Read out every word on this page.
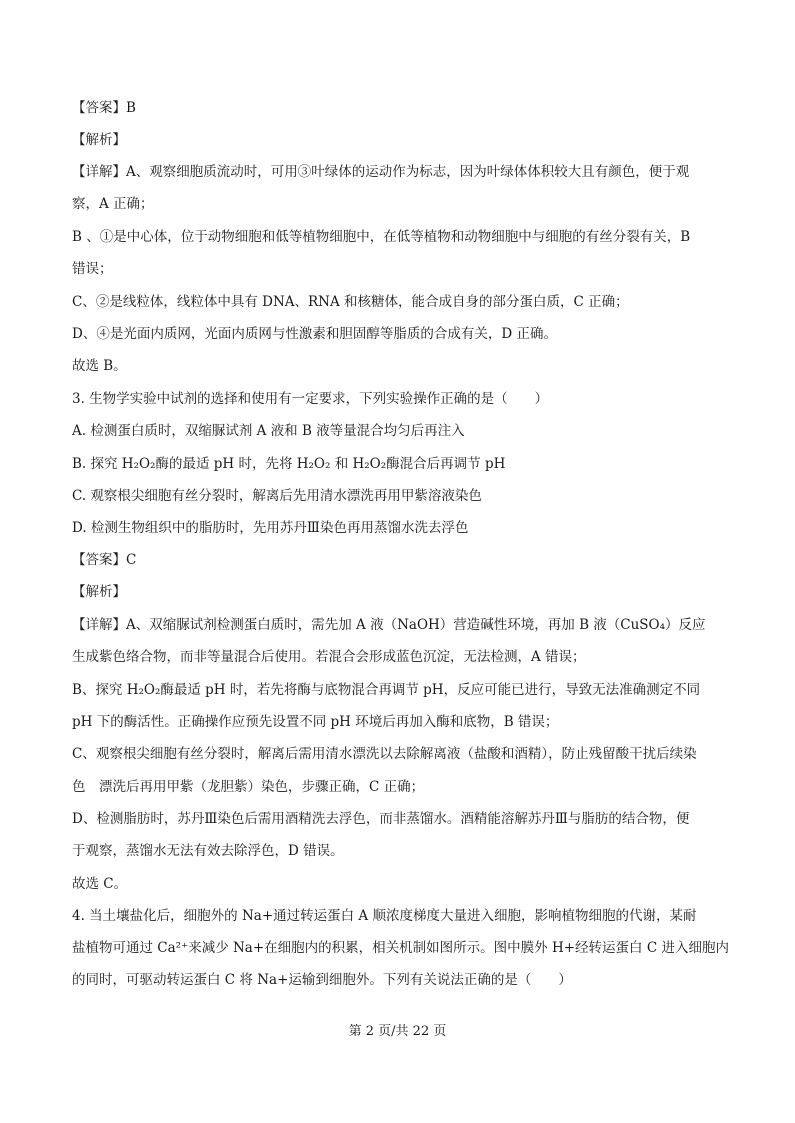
【答案】B
【解析】
【详解】A、观察细胞质流动时，可用③叶绿体的运动作为标志，因为叶绿体体积较大且有颜色，便于观
察，A 正确；
B 、①是中心体，位于动物细胞和低等植物细胞中，在低等植物和动物细胞中与细胞的有丝分裂有关，B
错误；
C、②是线粒体，线粒体中具有 DNA、RNA 和核糖体，能合成自身的部分蛋白质，C 正确；
D、④是光面内质网，光面内质网与性激素和胆固醇等脂质的合成有关，D 正确。
故选 B。
3. 生物学实验中试剂的选择和使用有一定要求，下列实验操作正确的是（　　）
A. 检测蛋白质时，双缩脲试剂 A 液和 B 液等量混合均匀后再注入
B. 探究 H₂O₂酶的最适 pH 时，先将 H₂O₂ 和 H₂O₂酶混合后再调节 pH
C. 观察根尖细胞有丝分裂时，解离后先用清水漂洗再用甲紫溶液染色
D. 检测生物组织中的脂肪时，先用苏丹Ⅲ染色再用蒸馏水洗去浮色
【答案】C
【解析】
【详解】A、双缩脲试剂检测蛋白质时，需先加 A 液（NaOH）营造碱性环境，再加 B 液（CuSO₄）反应
生成紫色络合物，而非等量混合后使用。若混合会形成蓝色沉淀，无法检测，A 错误；
B、探究 H₂O₂酶最适 pH 时，若先将酶与底物混合再调节 pH，反应可能已进行，导致无法准确测定不同
pH 下的酶活性。正确操作应预先设置不同 pH 环境后再加入酶和底物，B 错误；
C、观察根尖细胞有丝分裂时，解离后需用清水漂洗以去除解离液（盐酸和酒精），防止残留酸干扰后续染
色　漂洗后再用甲紫（龙胆紫）染色，步骤正确，C 正确；
D、检测脂肪时，苏丹Ⅲ染色后需用酒精洗去浮色，而非蒸馏水。酒精能溶解苏丹Ⅲ与脂肪的结合物，便
于观察，蒸馏水无法有效去除浮色，D 错误。
故选 C。
4. 当土壤盐化后，细胞外的 Na+通过转运蛋白 A 顺浓度梯度大量进入细胞，影响植物细胞的代谢，某耐
盐植物可通过 Ca²⁺来减少 Na+在细胞内的积累，相关机制如图所示。图中膜外 H+经转运蛋白 C 进入细胞内
的同时，可驱动转运蛋白 C 将 Na+运输到细胞外。下列有关说法正确的是（　　）
第 2 页/共 22 页
